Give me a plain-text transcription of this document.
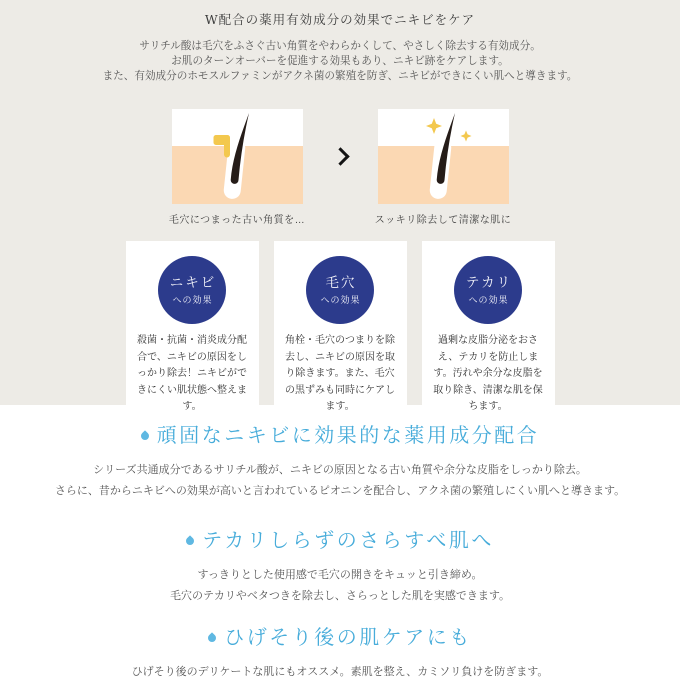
W配合の薬用有効成分の効果でニキビをケア
サリチル酸は毛穴をふさぐ古い角質をやわらかくして、やさしく除去する有効成分。
お肌のターンオーバーを促進する効果もあり、ニキビ跡をケアします。
また、有効成分のホモスルファミンがアクネ菌の繁殖を防ぎ、ニキビができにくい肌へと導きます。
毛穴につまった古い角質を…	スッキリ除去して清潔な肌に
ニキビ
への効果
殺菌・抗菌・消炎成分配合で、ニキビの原因をしっかり除去！ニキビができにくい肌状態へ整えます。
毛穴
への効果
角栓・毛穴のつまりを除去し、ニキビの原因を取り除きます。また、毛穴の黒ずみも同時にケアします。
テカリ
への効果
過剰な皮脂分泌をおさえ、テカリを防止します。汚れや余分な皮脂を取り除き、清潔な肌を保ちます。
頑固なニキビに効果的な薬用成分配合
シリーズ共通成分であるサリチル酸が、ニキビの原因となる古い角質や余分な皮脂をしっかり除去。
さらに、昔からニキビへの効果が高いと言われているピオニンを配合し、アクネ菌の繁殖しにくい肌へと導きます。
テカリしらずのさらすべ肌へ
すっきりとした使用感で毛穴の開きをキュッと引き締め。
毛穴のテカリやベタつきを除去し、さらっとした肌を実感できます。
ひげそり後の肌ケアにも
ひげそり後のデリケートな肌にもオススメ。素肌を整え、カミソリ負けを防ぎます。
